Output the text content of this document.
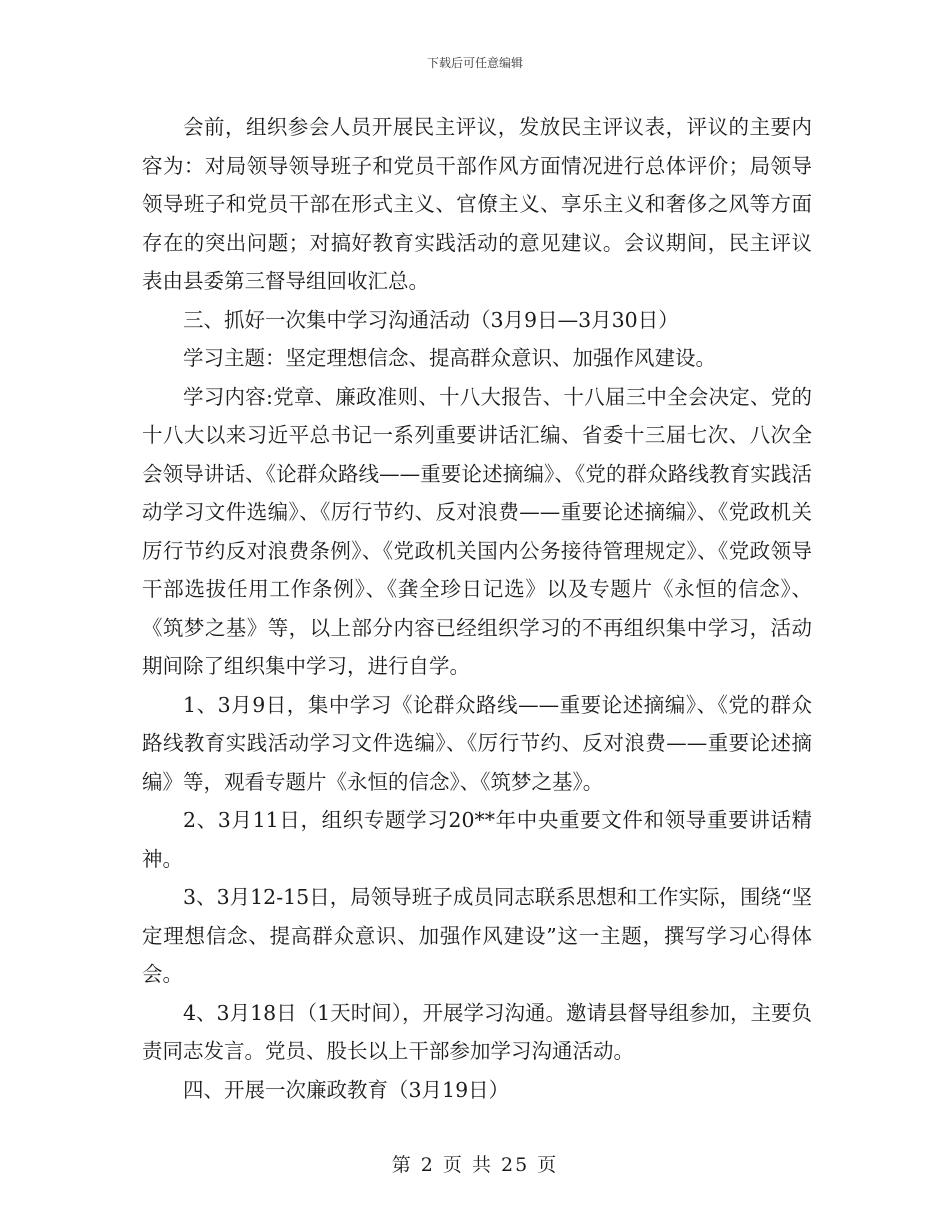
下载后可任意编辑

会前，组织参会人员开展民主评议，发放民主评议表，评议的主要内容为：对局领导领导班子和党员干部作风方面情况进行总体评价；局领导领导班子和党员干部在形式主义、官僚主义、享乐主义和奢侈之风等方面存在的突出问题；对搞好教育实践活动的意见建议。会议期间，民主评议表由县委第三督导组回收汇总。

三、抓好一次集中学习沟通活动（3月9日—3月30日）

学习主题：坚定理想信念、提高群众意识、加强作风建设。

学习内容:党章、廉政准则、十八大报告、十八届三中全会决定、党的十八大以来习近平总书记一系列重要讲话汇编、省委十三届七次、八次全会领导讲话、《论群众路线——重要论述摘编》、《党的群众路线教育实践活动学习文件选编》、《厉行节约、反对浪费——重要论述摘编》、《党政机关厉行节约反对浪费条例》、《党政机关国内公务接待管理规定》、《党政领导干部选拔任用工作条例》、《龚全珍日记选》以及专题片《永恒的信念》、《筑梦之基》等，以上部分内容已经组织学习的不再组织集中学习，活动期间除了组织集中学习，进行自学。

1、3月9日，集中学习《论群众路线——重要论述摘编》、《党的群众路线教育实践活动学习文件选编》、《厉行节约、反对浪费——重要论述摘编》等，观看专题片《永恒的信念》、《筑梦之基》。

2、3月11日，组织专题学习20**年中央重要文件和领导重要讲话精神。

3、3月12-15日，局领导班子成员同志联系思想和工作实际，围绕“坚定理想信念、提高群众意识、加强作风建设”这一主题，撰写学习心得体会。

4、3月18日（1天时间），开展学习沟通。邀请县督导组参加，主要负责同志发言。党员、股长以上干部参加学习沟通活动。

四、开展一次廉政教育（3月19日）

第 2 页 共 25 页
